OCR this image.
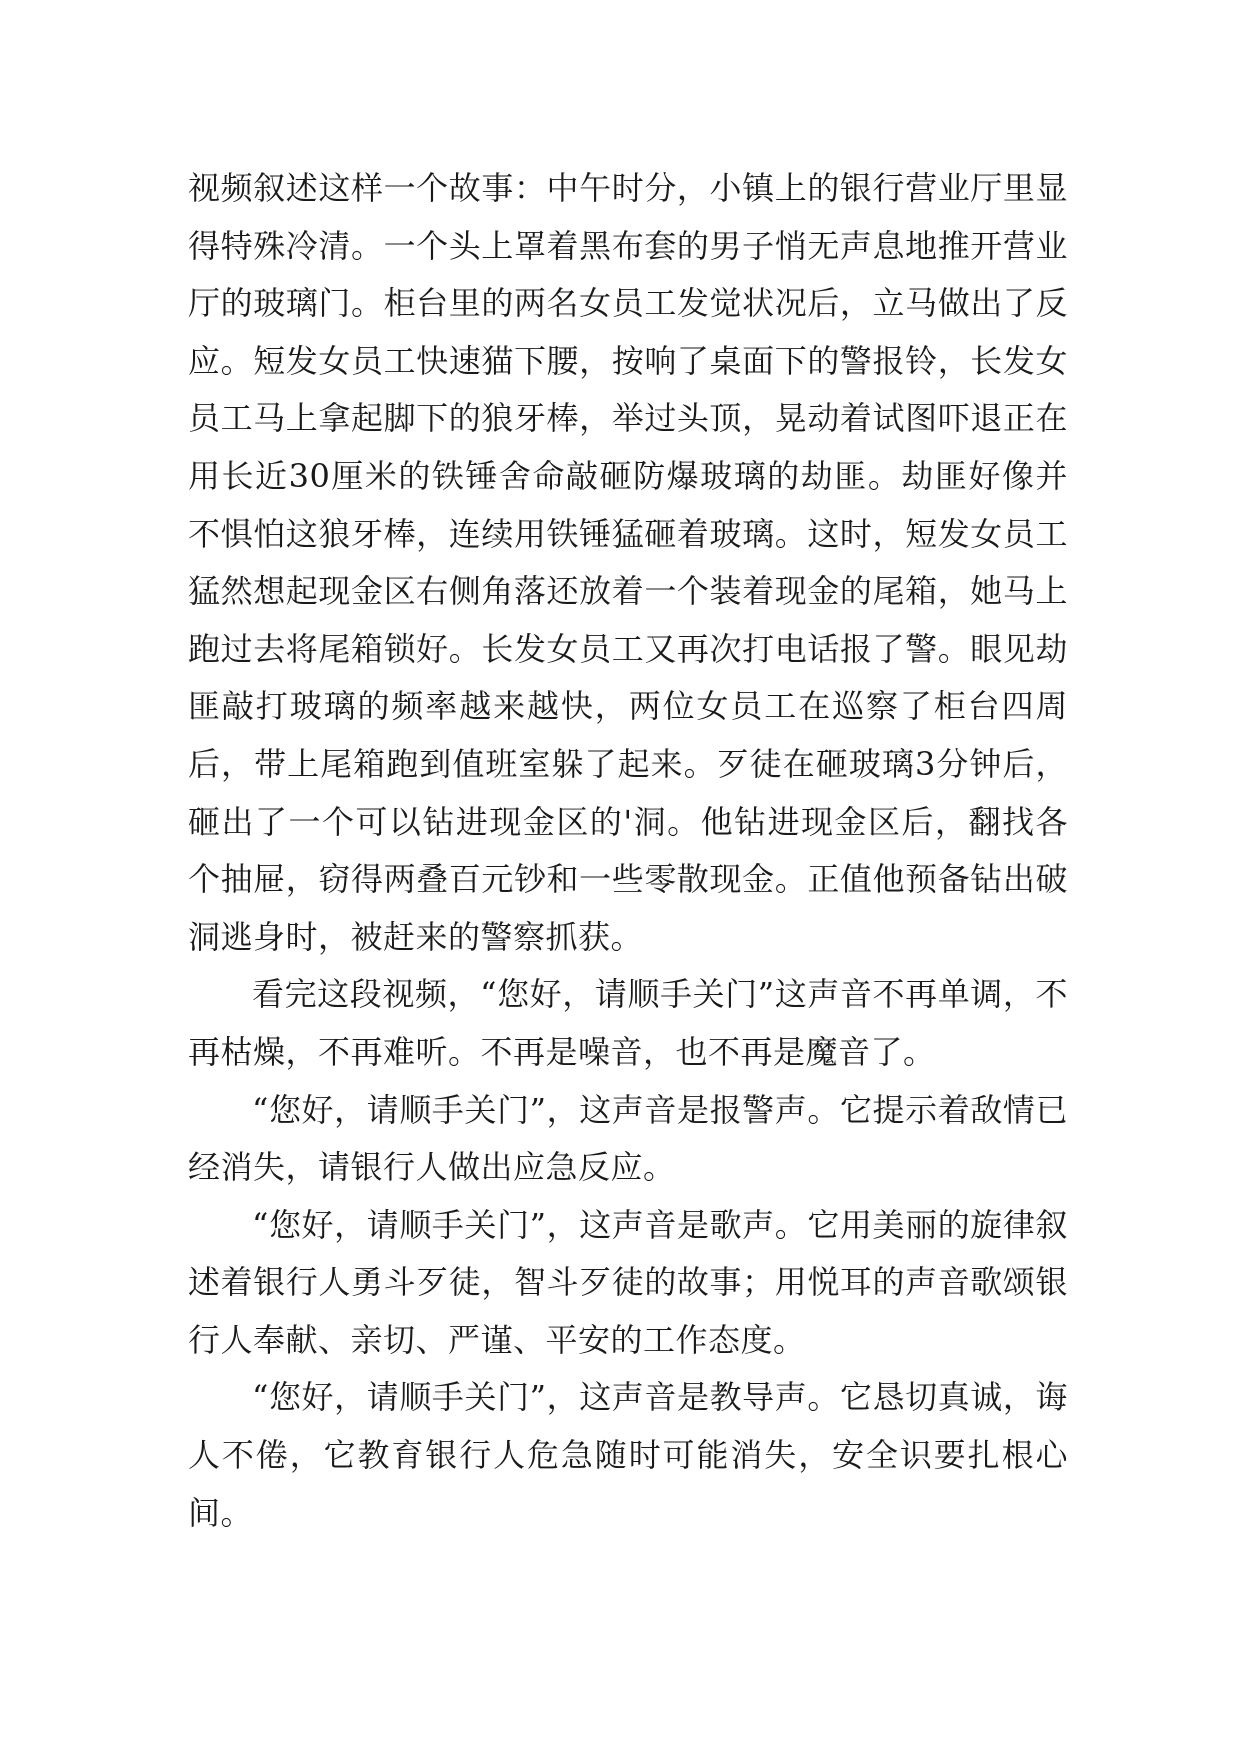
视频叙述这样一个故事：中午时分，小镇上的银行营业厅里显得特殊冷清。一个头上罩着黑布套的男子悄无声息地推开营业厅的玻璃门。柜台里的两名女员工发觉状况后，立马做出了反应。短发女员工快速猫下腰，按响了桌面下的警报铃，长发女员工马上拿起脚下的狼牙棒，举过头顶，晃动着试图吓退正在用长近30厘米的铁锤舍命敲砸防爆玻璃的劫匪。劫匪好像并不惧怕这狼牙棒，连续用铁锤猛砸着玻璃。这时，短发女员工猛然想起现金区右侧角落还放着一个装着现金的尾箱，她马上跑过去将尾箱锁好。长发女员工又再次打电话报了警。眼见劫匪敲打玻璃的频率越来越快，两位女员工在巡察了柜台四周后，带上尾箱跑到值班室躲了起来。歹徒在砸玻璃3分钟后，砸出了一个可以钻进现金区的'洞。他钻进现金区后，翻找各个抽屉，窃得两叠百元钞和一些零散现金。正值他预备钻出破洞逃身时，被赶来的警察抓获。

看完这段视频，“您好，请顺手关门”这声音不再单调，不再枯燥，不再难听。不再是噪音，也不再是魔音了。

“您好，请顺手关门”，这声音是报警声。它提示着敌情已经消失，请银行人做出应急反应。

“您好，请顺手关门”，这声音是歌声。它用美丽的旋律叙述着银行人勇斗歹徒，智斗歹徒的故事；用悦耳的声音歌颂银行人奉献、亲切、严谨、平安的工作态度。

“您好，请顺手关门”，这声音是教导声。它恳切真诚，诲人不倦，它教育银行人危急随时可能消失，安全识要扎根心间。
